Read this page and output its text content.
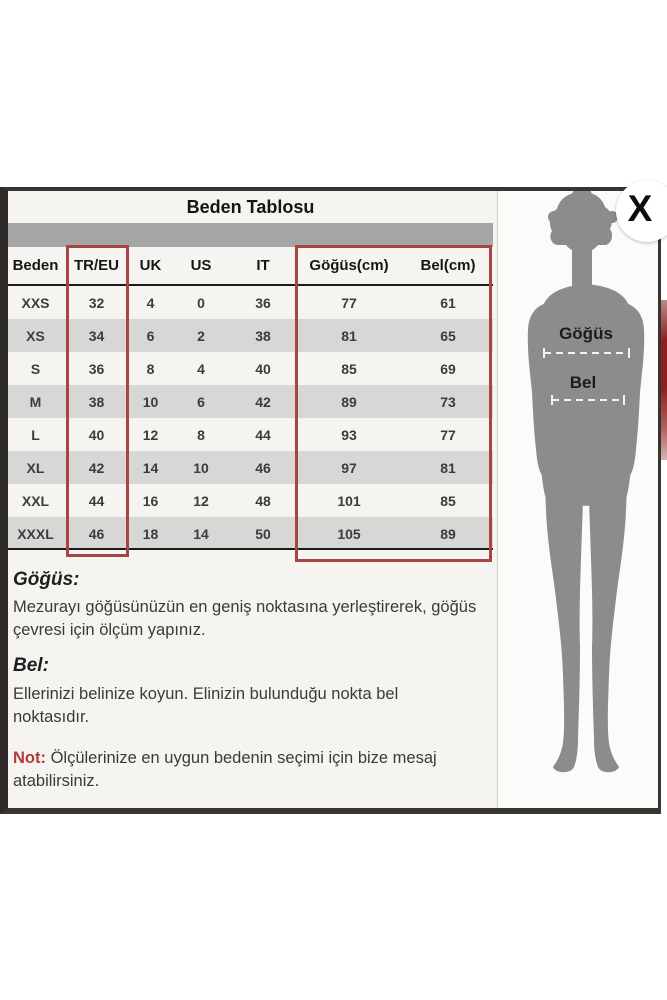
Beden Tablosu
Beden	TR/EU	UK	US	IT	Göğüs(cm)	Bel(cm)
XXS	32	4	0	36	77	61
XS	34	6	2	38	81	65
S	36	8	4	40	85	69
M	38	10	6	42	89	73
L	40	12	8	44	93	77
XL	42	14	10	46	97	81
XXL	44	16	12	48	101	85
XXXL	46	18	14	50	105	89
Göğüs:
Mezurayı göğüsünüzün en geniş noktasına yerleştirerek, göğüs çevresi için ölçüm yapınız.
Bel:
Ellerinizi belinize koyun. Elinizin bulunduğu nokta bel noktasıdır.
Not: Ölçülerinize en uygun bedenin seçimi için bize mesaj atabilirsiniz.
Göğüs
Bel
X
